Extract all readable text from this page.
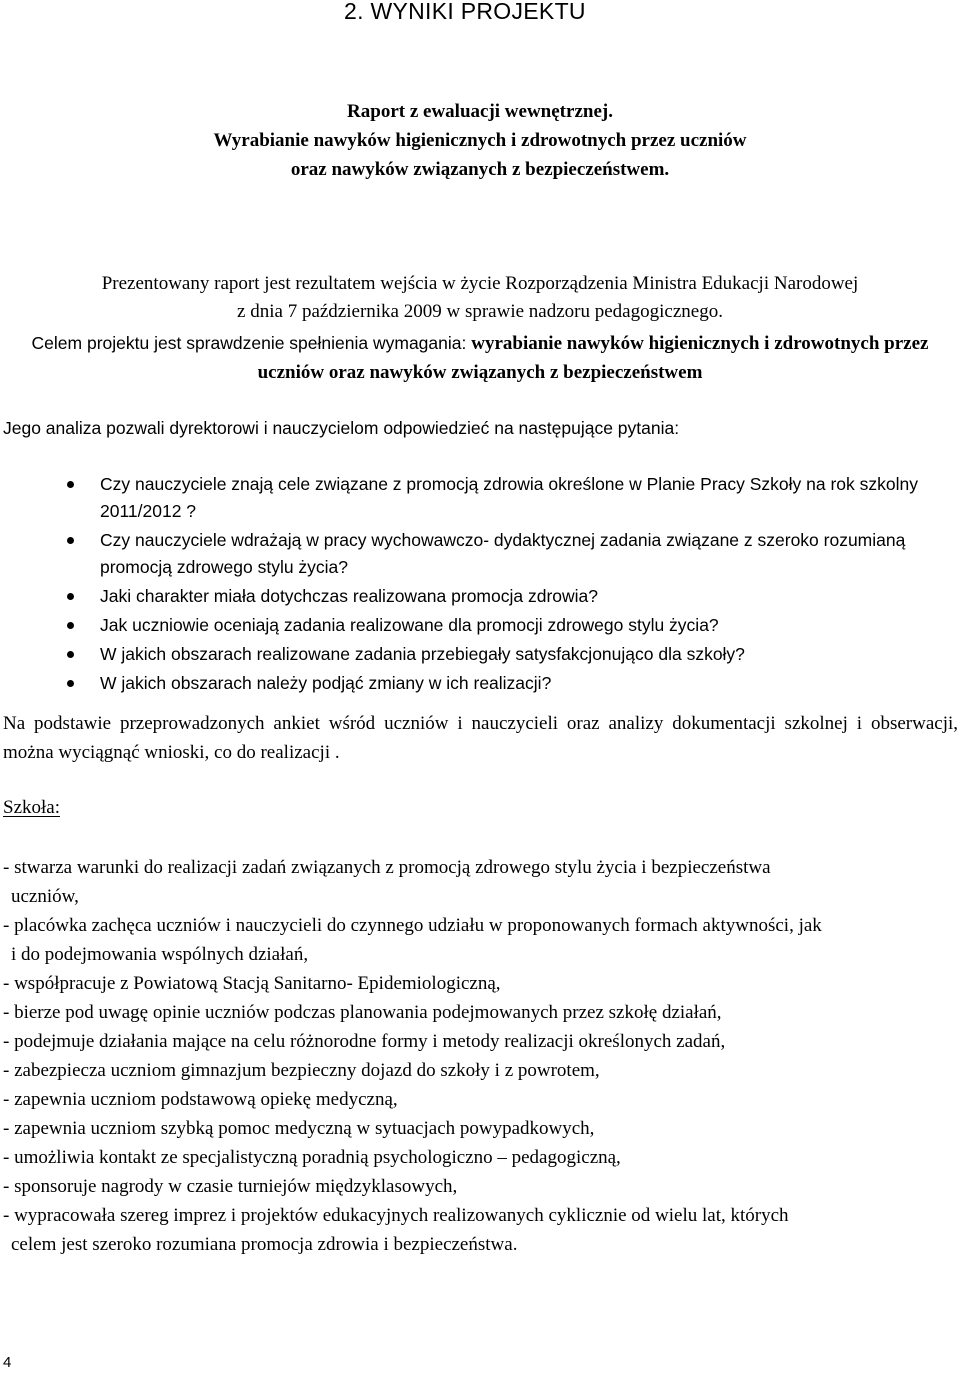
2. WYNIKI PROJEKTU
Raport z ewaluacji wewnętrznej.
Wyrabianie nawyków higienicznych i zdrowotnych przez uczniów
oraz nawyków związanych z bezpieczeństwem.
Prezentowany raport jest rezultatem wejścia w życie Rozporządzenia Ministra Edukacji Narodowej
z dnia 7 października 2009 w sprawie nadzoru pedagogicznego.
Celem projektu jest sprawdzenie spełnienia wymagania: wyrabianie nawyków higienicznych i zdrowotnych przez uczniów oraz nawyków związanych z bezpieczeństwem
Jego analiza pozwali dyrektorowi i nauczycielom odpowiedzieć na następujące pytania:
Czy nauczyciele znają cele związane z promocją zdrowia określone w Planie Pracy Szkoły na rok szkolny 2011/2012 ?
Czy nauczyciele wdrażają w pracy wychowawczo- dydaktycznej zadania związane z szeroko rozumianą promocją zdrowego stylu życia?
Jaki charakter miała dotychczas realizowana promocja zdrowia?
Jak uczniowie oceniają zadania realizowane dla promocji zdrowego stylu życia?
W jakich obszarach realizowane zadania przebiegały satysfakcjonująco dla szkoły?
W jakich obszarach należy podjąć zmiany w ich realizacji?
Na podstawie przeprowadzonych ankiet wśród uczniów i nauczycieli oraz analizy dokumentacji szkolnej i obserwacji, można wyciągnąć wnioski, co do realizacji .
Szkoła:
- stwarza warunki do realizacji zadań związanych z promocją zdrowego stylu życia i bezpieczeństwa
uczniów,
- placówka zachęca uczniów i nauczycieli do czynnego udziału w proponowanych formach aktywności, jak
i do podejmowania wspólnych działań,
- współpracuje z Powiatową Stacją Sanitarno- Epidemiologiczną,
- bierze pod uwagę opinie uczniów podczas planowania podejmowanych przez szkołę działań,
- podejmuje działania mające na celu różnorodne formy i metody realizacji określonych zadań,
- zabezpiecza uczniom gimnazjum bezpieczny dojazd do szkoły i z powrotem,
- zapewnia uczniom podstawową opiekę medyczną,
- zapewnia uczniom szybką pomoc medyczną w sytuacjach powypadkowych,
- umożliwia kontakt ze specjalistyczną poradnią psychologiczno – pedagogiczną,
- sponsoruje nagrody w czasie turniejów międzyklasowych,
- wypracowała szereg imprez i projektów edukacyjnych realizowanych cyklicznie od wielu lat, których
celem jest szeroko rozumiana promocja zdrowia i bezpieczeństwa.
4
